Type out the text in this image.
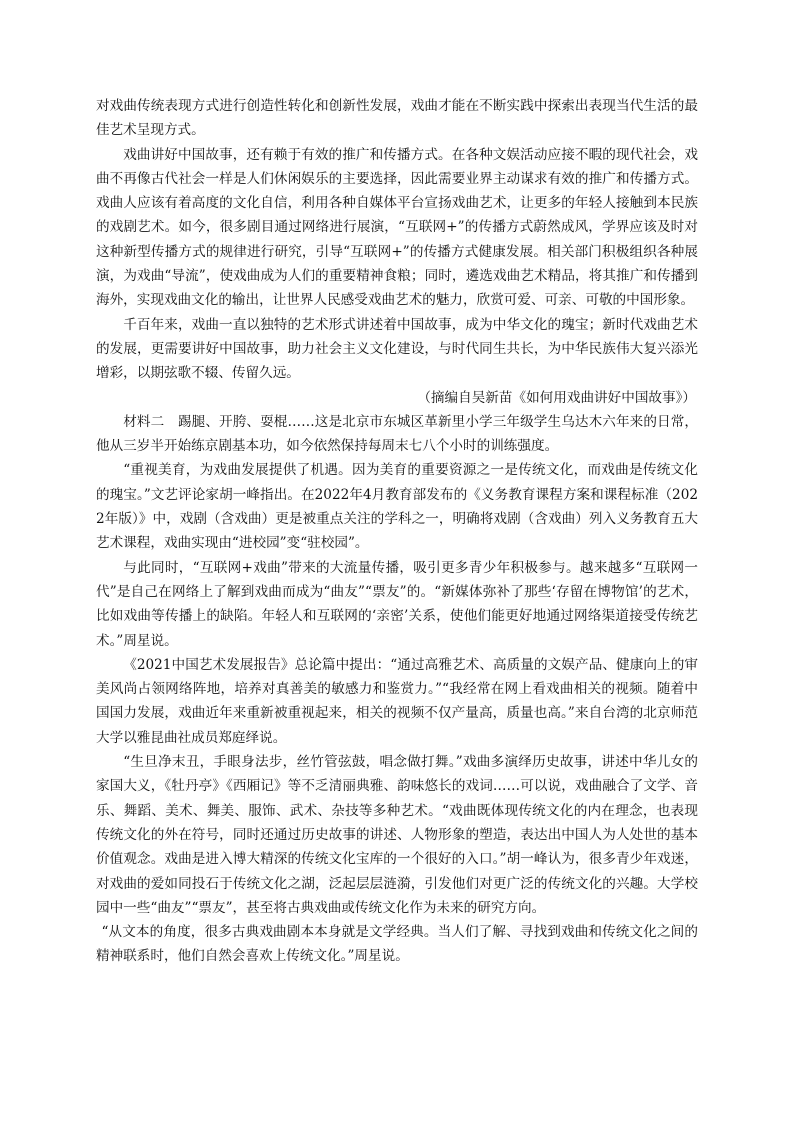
对戏曲传统表现方式进行创造性转化和创新性发展，戏曲才能在不断实践中探索出表现当代生活的最佳艺术呈现方式。

戏曲讲好中国故事，还有赖于有效的推广和传播方式。在各种文娱活动应接不暇的现代社会，戏曲不再像古代社会一样是人们休闲娱乐的主要选择，因此需要业界主动谋求有效的推广和传播方式。戏曲人应该有着高度的文化自信，利用各种自媒体平台宣扬戏曲艺术，让更多的年轻人接触到本民族的戏剧艺术。如今，很多剧目通过网络进行展演，“互联网+”的传播方式蔚然成风，学界应该及时对这种新型传播方式的规律进行研究，引导“互联网+”的传播方式健康发展。相关部门积极组织各种展演，为戏曲“导流”，使戏曲成为人们的重要精神食粮；同时，遴选戏曲艺术精品，将其推广和传播到海外，实现戏曲文化的输出，让世界人民感受戏曲艺术的魅力，欣赏可爱、可亲、可敬的中国形象。

千百年来，戏曲一直以独特的艺术形式讲述着中国故事，成为中华文化的瑰宝；新时代戏曲艺术的发展，更需要讲好中国故事，助力社会主义文化建设，与时代同生共长，为中华民族伟大复兴添光增彩，以期弦歌不辍、传留久远。

（摘编自吴新苗《如何用戏曲讲好中国故事》）

材料二　踢腿、开胯、耍棍……这是北京市东城区革新里小学三年级学生乌达木六年来的日常，他从三岁半开始练京剧基本功，如今依然保持每周末七八个小时的训练强度。

“重视美育，为戏曲发展提供了机遇。因为美育的重要资源之一是传统文化，而戏曲是传统文化的瑰宝。”文艺评论家胡一峰指出。在2022年4月教育部发布的《义务教育课程方案和课程标准（2022年版）》中，戏剧（含戏曲）更是被重点关注的学科之一，明确将戏剧（含戏曲）列入义务教育五大艺术课程，戏曲实现由“进校园”变“驻校园”。

与此同时，“互联网+戏曲”带来的大流量传播，吸引更多青少年积极参与。越来越多“互联网一代”是自己在网络上了解到戏曲而成为“曲友”“票友”的。“新媒体弥补了那些‘存留在博物馆’的艺术，比如戏曲等传播上的缺陷。年轻人和互联网的‘亲密’关系，使他们能更好地通过网络渠道接受传统艺术。”周星说。

《2021中国艺术发展报告》总论篇中提出：“通过高雅艺术、高质量的文娱产品、健康向上的审美风尚占领网络阵地，培养对真善美的敏感力和鉴赏力。”“我经常在网上看戏曲相关的视频。随着中国国力发展，戏曲近年来重新被重视起来，相关的视频不仅产量高，质量也高。”来自台湾的北京师范大学以雅昆曲社成员郑庭绎说。

“生旦净末丑，手眼身法步，丝竹管弦鼓，唱念做打舞。”戏曲多演绎历史故事，讲述中华儿女的家国大义，《牡丹亭》《西厢记》等不乏清丽典雅、韵味悠长的戏词……可以说，戏曲融合了文学、音乐、舞蹈、美术、舞美、服饰、武术、杂技等多种艺术。“戏曲既体现传统文化的内在理念，也表现传统文化的外在符号，同时还通过历史故事的讲述、人物形象的塑造，表达出中国人为人处世的基本价值观念。戏曲是进入博大精深的传统文化宝库的一个很好的入口。”胡一峰认为，很多青少年戏迷，对戏曲的爱如同投石于传统文化之湖，泛起层层涟漪，引发他们对更广泛的传统文化的兴趣。大学校园中一些“曲友”“票友”，甚至将古典戏曲或传统文化作为未来的研究方向。

“从文本的角度，很多古典戏曲剧本本身就是文学经典。当人们了解、寻找到戏曲和传统文化之间的精神联系时，他们自然会喜欢上传统文化。”周星说。
